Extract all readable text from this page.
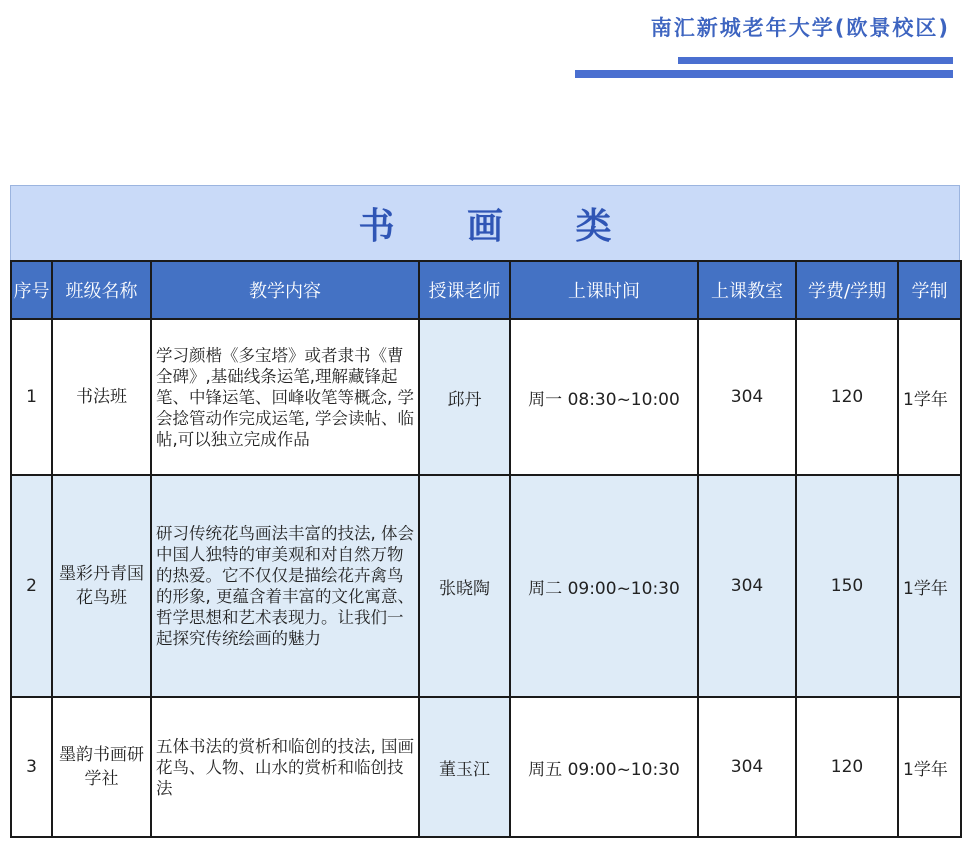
南汇新城老年大学(欧景校区)
书 画 类
序号	班级名称	教学内容	授课老师	上课时间	上课教室	学费/学期	学制
1	书法班	学习颜楷《多宝塔》或者隶书《曹全碑》,基础线条运笔,理解藏锋起笔、中锋运笔、回峰收笔等概念, 学会捻管动作完成运笔, 学会读帖、临帖,可以独立完成作品	邱丹	周一 08:30~10:00	304	120	1学年
2	墨彩丹青国花鸟班	研习传统花鸟画法丰富的技法, 体会中国人独特的审美观和对自然万物的热爱。它不仅仅是描绘花卉禽鸟的形象, 更蕴含着丰富的文化寓意、哲学思想和艺术表现力。让我们一起探究传统绘画的魅力	张晓陶	周二 09:00~10:30	304	150	1学年
3	墨韵书画研学社	五体书法的赏析和临创的技法, 国画花鸟、人物、山水的赏析和临创技法	董玉江	周五 09:00~10:30	304	120	1学年
